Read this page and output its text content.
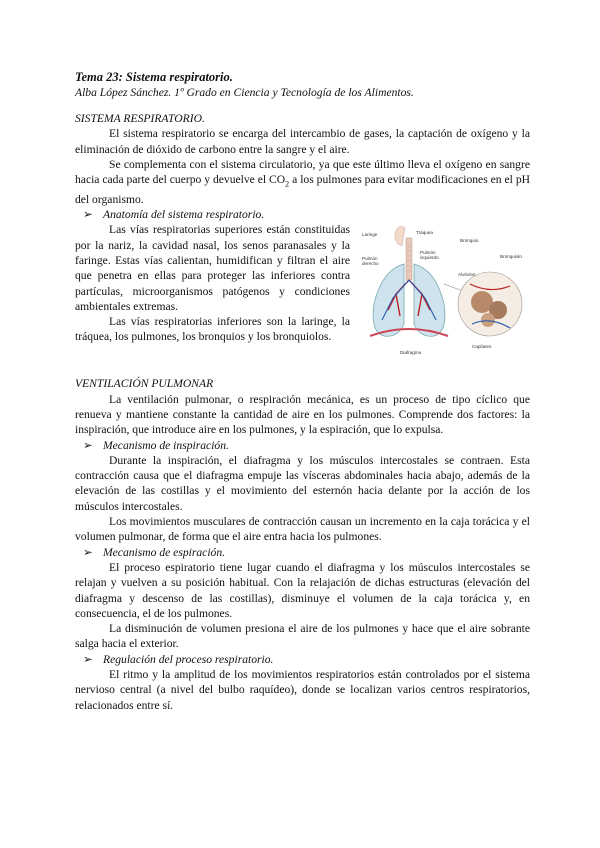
Tema 23: Sistema respiratorio.
Alba López Sánchez. 1º Grado en Ciencia y Tecnología de los Alimentos.
SISTEMA RESPIRATORIO.

El sistema respiratorio se encarga del intercambio de gases, la captación de oxígeno y la eliminación de dióxido de carbono entre la sangre y el aire.

Se complementa con el sistema circulatorio, ya que este último lleva el oxígeno en sangre hacia cada parte del cuerpo y devuelve el $CO_2$ a los pulmones para evitar modificaciones en el pH del organismo.

➢ Anatomía del sistema respiratorio.
Laringe	Tráquea
Pulmón
derecho
Pulmón
izquierdo
Bronquio
Bronquiolo
Alvéolos
Diafragma
Capilares

Las vías respiratorias superiores están constituidas por la nariz, la cavidad nasal, los senos paranasales y la faringe. Estas vías calientan, humidifican y filtran el aire que penetra en ellas para proteger las inferiores contra partículas, microorganismos patógenos y condiciones ambientales extremas.

Las vías respiratorias inferiores son la laringe, la tráquea, los pulmones, los bronquios y los bronquiolos.

VENTILACIÓN PULMONAR

La ventilación pulmonar, o respiración mecánica, es un proceso de tipo cíclico que renueva y mantiene constante la cantidad de aire en los pulmones. Comprende dos factores: la inspiración, que introduce aire en los pulmones, y la espiración, que lo expulsa.

➢ Mecanismo de inspiración.

Durante la inspiración, el diafragma y los músculos intercostales se contraen. Esta contracción causa que el diafragma empuje las vísceras abdominales hacia abajo, además de la elevación de las costillas y el movimiento del esternón hacia delante por la acción de los músculos intercostales.

Los movimientos musculares de contracción causan un incremento en la caja torácica y el volumen pulmonar, de forma que el aire entra hacia los pulmones.

➢ Mecanismo de espiración.

El proceso espiratorio tiene lugar cuando el diafragma y los músculos intercostales se relajan y vuelven a su posición habitual. Con la relajación de dichas estructuras (elevación del diafragma y descenso de las costillas), disminuye el volumen de la caja torácica y, en consecuencia, el de los pulmones.

La disminución de volumen presiona el aire de los pulmones y hace que el aire sobrante salga hacia el exterior.

➢ Regulación del proceso respiratorio.

El ritmo y la amplitud de los movimientos respiratorios están controlados por el sistema nervioso central (a nivel del bulbo raquídeo), donde se localizan varios centros respiratorios, relacionados entre sí.
